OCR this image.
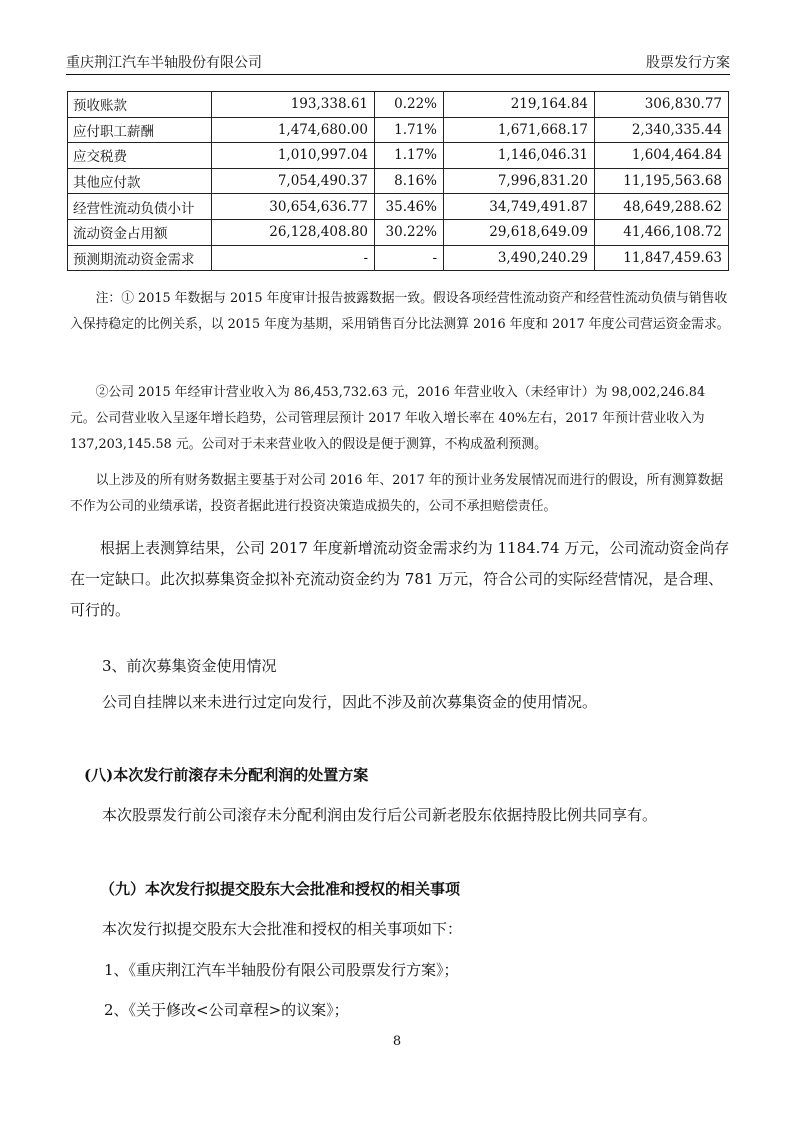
重庆荆江汽车半轴股份有限公司	股票发行方案
预收账款	193,338.61	0.22%	219,164.84	306,830.77
应付职工薪酬	1,474,680.00	1.71%	1,671,668.17	2,340,335.44
应交税费	1,010,997.04	1.17%	1,146,046.31	1,604,464.84
其他应付款	7,054,490.37	8.16%	7,996,831.20	11,195,563.68
经营性流动负债小计	30,654,636.77	35.46%	34,749,491.87	48,649,288.62
流动资金占用额	26,128,408.80	30.22%	29,618,649.09	41,466,108.72
预测期流动资金需求	-	-	3,490,240.29	11,847,459.63
注：① 2015 年数据与 2015 年度审计报告披露数据一致。假设各项经营性流动资产和经营性流动负债与销售收入保持稳定的比例关系，以 2015 年度为基期，采用销售百分比法测算 2016 年度和 2017 年度公司营运资金需求。
②公司 2015 年经审计营业收入为 86,453,732.63 元，2016 年营业收入（未经审计）为 98,002,246.84 元。公司营业收入呈逐年增长趋势，公司管理层预计 2017 年收入增长率在 40%左右，2017 年预计营业收入为 137,203,145.58 元。公司对于未来营业收入的假设是便于测算，不构成盈利预测。
以上涉及的所有财务数据主要基于对公司 2016 年、2017 年的预计业务发展情况而进行的假设，所有测算数据不作为公司的业绩承诺，投资者据此进行投资决策造成损失的，公司不承担赔偿责任。
根据上表测算结果，公司 2017 年度新增流动资金需求约为 1184.74 万元，公司流动资金尚存在一定缺口。此次拟募集资金拟补充流动资金约为 781 万元，符合公司的实际经营情况，是合理、可行的。
3、前次募集资金使用情况
公司自挂牌以来未进行过定向发行，因此不涉及前次募集资金的使用情况。
(八)本次发行前滚存未分配利润的处置方案
本次股票发行前公司滚存未分配利润由发行后公司新老股东依据持股比例共同享有。
（九）本次发行拟提交股东大会批准和授权的相关事项
本次发行拟提交股东大会批准和授权的相关事项如下：
1、《重庆荆江汽车半轴股份有限公司股票发行方案》；
2、《关于修改<公司章程>的议案》；
8
